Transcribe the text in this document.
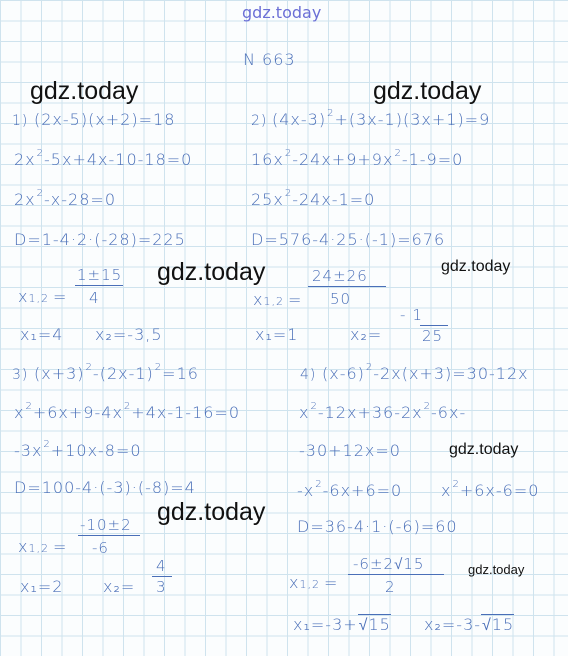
gdz.today
gdz.today	gdz.today
gdz.today
gdz.today
gdz.today
gdz.today
gdz.today
N 663
1) (2x-5)(x+2)=18
$2x^2-5x+4x-10-18=0$
$2x^2-x-28=0$
D=1-4·2·(-28)=225
x1,2 =
1±15
4
x₁=4 x₂=-3,5
2) $(4x-3)^2+(3x-1)(3x+1)=9$
$16x^2-24x+9+9x^2-1-9=0$
$25x^2-24x-1=0$
D=576-4·25·(-1)=676
x1,2 =
24±26
50
x₁=1	x₂=
- 1
25
3) $(x+3)^2-(2x-1)^2=16$
$x^2+6x+9-4x^2+4x-1-16=0$
$-3x^2+10x-8=0$
D=100-4·(-3)·(-8)=4
x1,2 =
-10±2
-6
x₁=2 x₂=
4
3
4) $(x-6)^2-2x(x+3)=30-12x$
$x^2-12x+36-2x^2-6x-$
-30+12x=0
$-x^2-6x+6=0$ $x^2+6x-6=0$
D=36-4·1·(-6)=60
x1,2 =
-6±2√15
2
x₁=-3+√15 x₂=-3-√15
